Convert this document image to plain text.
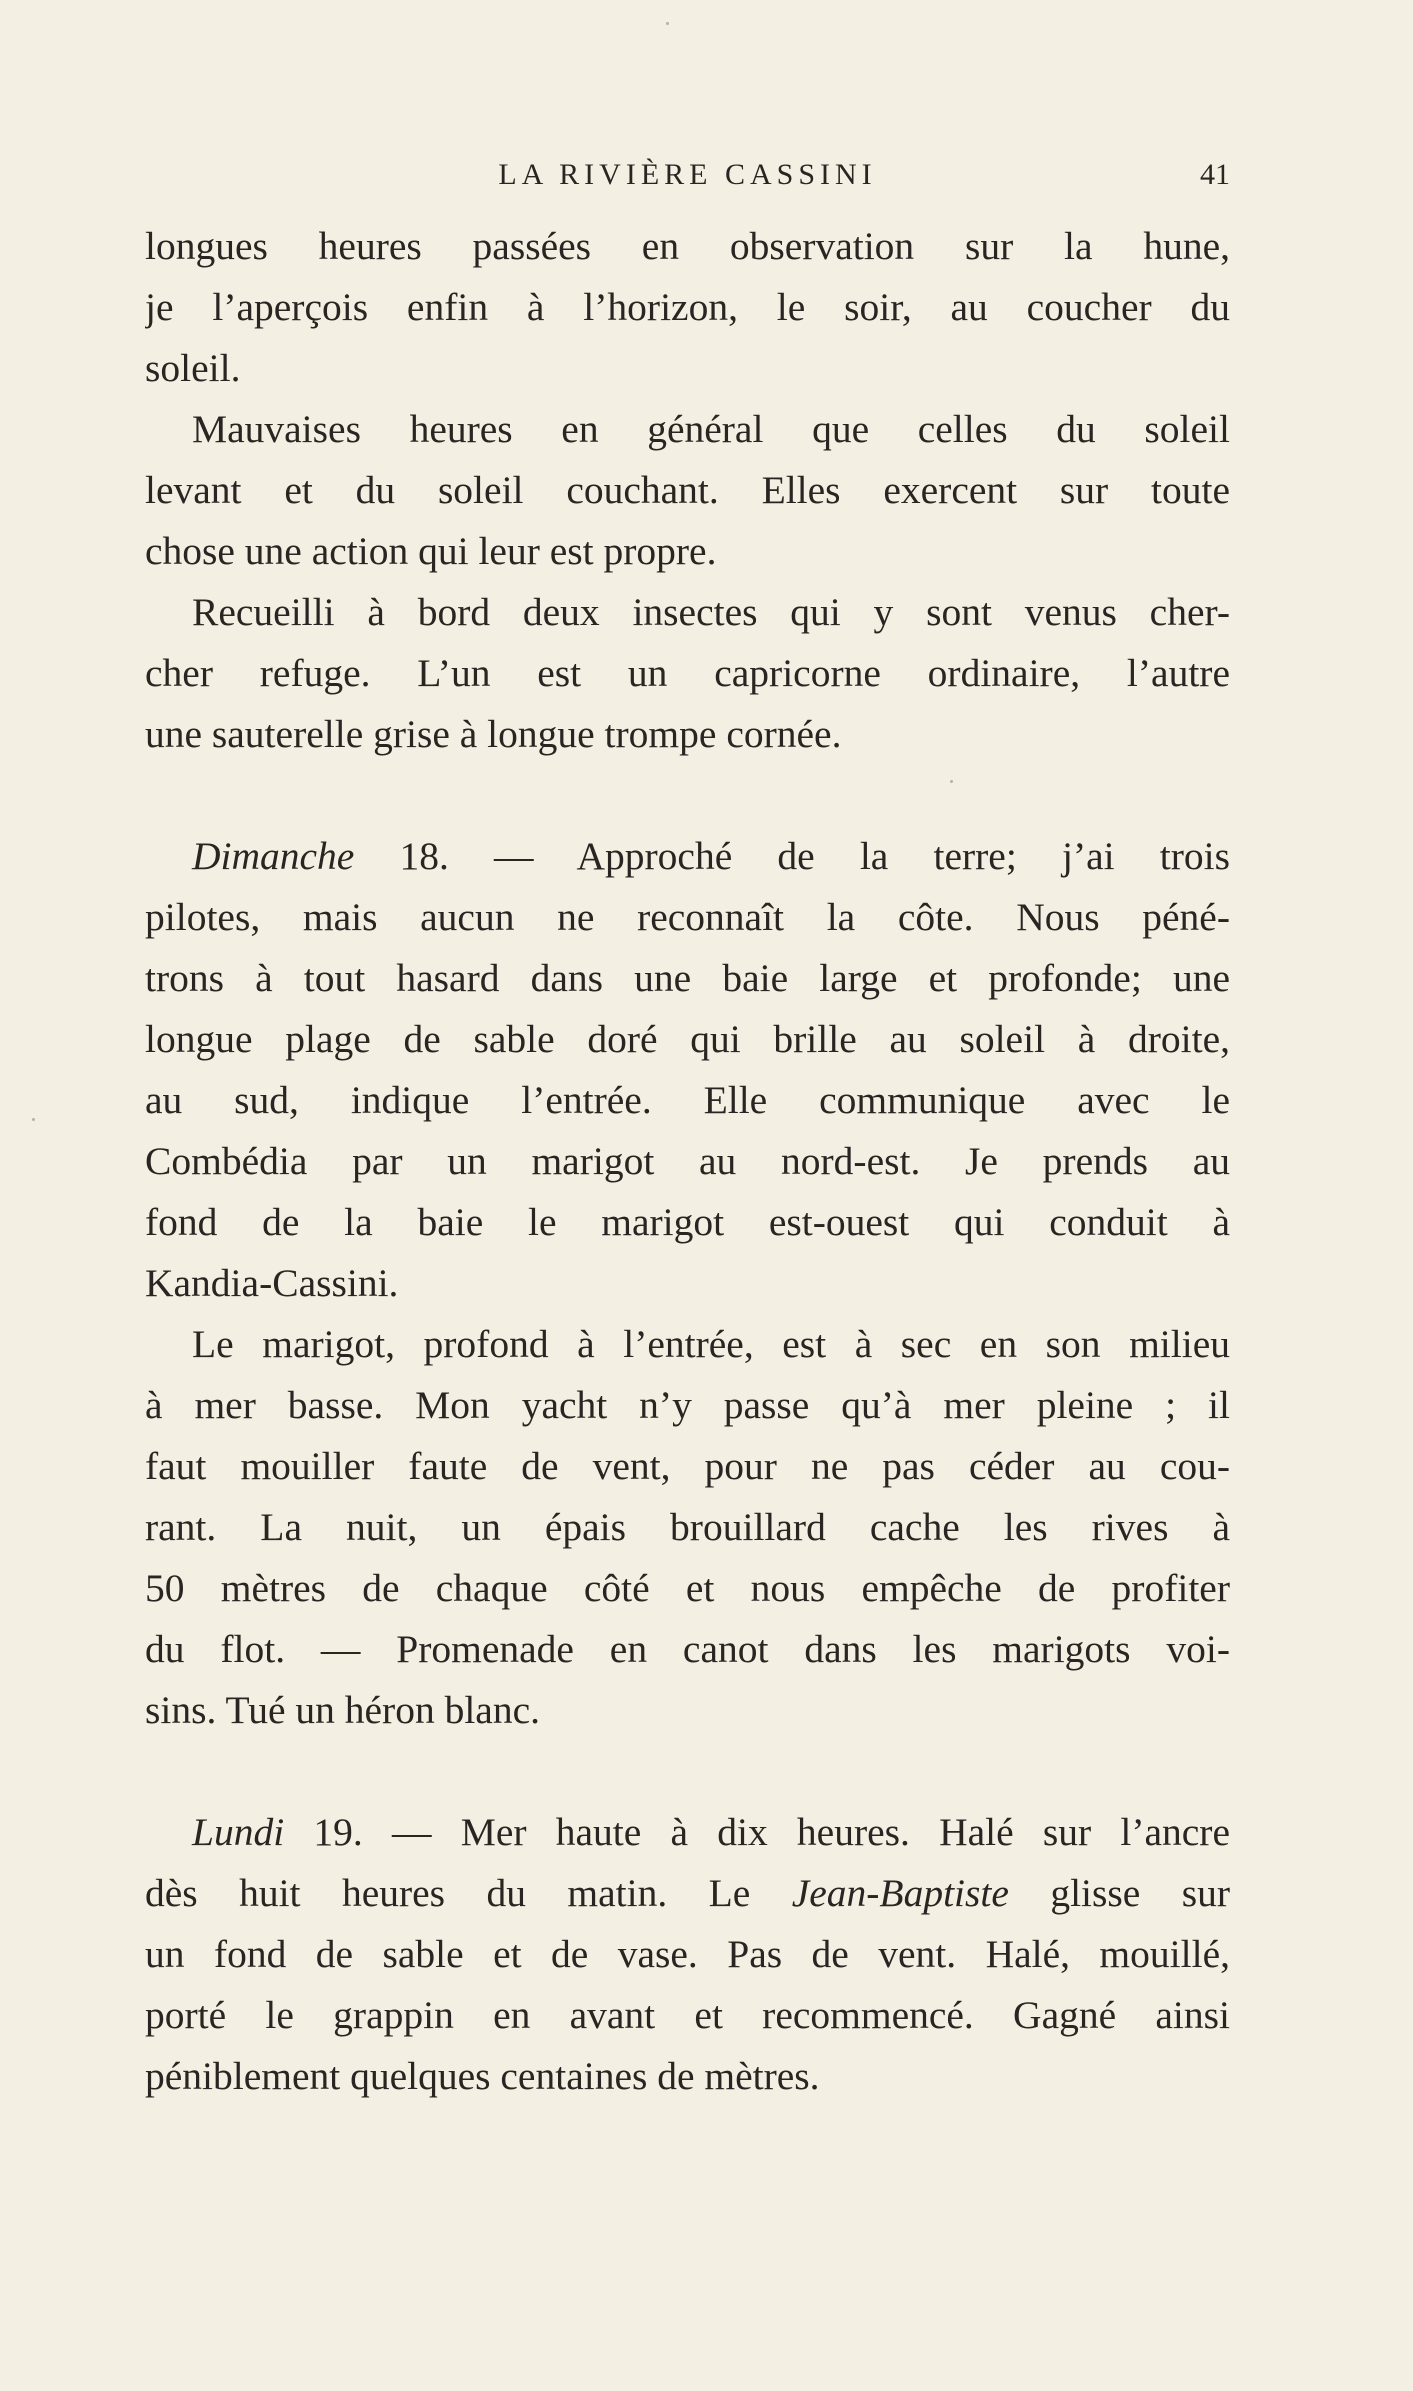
LA RIVIÈRE CASSINI	41
longues heures passées en observation sur la hune,
je l’aperçois enfin à l’horizon, le soir, au coucher du
soleil.
Mauvaises heures en général que celles du soleil
levant et du soleil couchant. Elles exercent sur toute
chose une action qui leur est propre.
Recueilli à bord deux insectes qui y sont venus cher-
cher refuge. L’un est un capricorne ordinaire, l’autre
une sauterelle grise à longue trompe cornée.
Dimanche 18. — Approché de la terre; j’ai trois
pilotes, mais aucun ne reconnaît la côte. Nous péné-
trons à tout hasard dans une baie large et profonde; une
longue plage de sable doré qui brille au soleil à droite,
au sud, indique l’entrée. Elle communique avec le
Combédia par un marigot au nord-est. Je prends au
fond de la baie le marigot est-ouest qui conduit à
Kandia-Cassini.
Le marigot, profond à l’entrée, est à sec en son milieu
à mer basse. Mon yacht n’y passe qu’à mer pleine ; il
faut mouiller faute de vent, pour ne pas céder au cou-
rant. La nuit, un épais brouillard cache les rives à
50 mètres de chaque côté et nous empêche de profiter
du flot. — Promenade en canot dans les marigots voi-
sins. Tué un héron blanc.
Lundi 19. — Mer haute à dix heures. Halé sur l’ancre
dès huit heures du matin. Le Jean-Baptiste glisse sur
un fond de sable et de vase. Pas de vent. Halé, mouillé,
porté le grappin en avant et recommencé. Gagné ainsi
péniblement quelques centaines de mètres.
